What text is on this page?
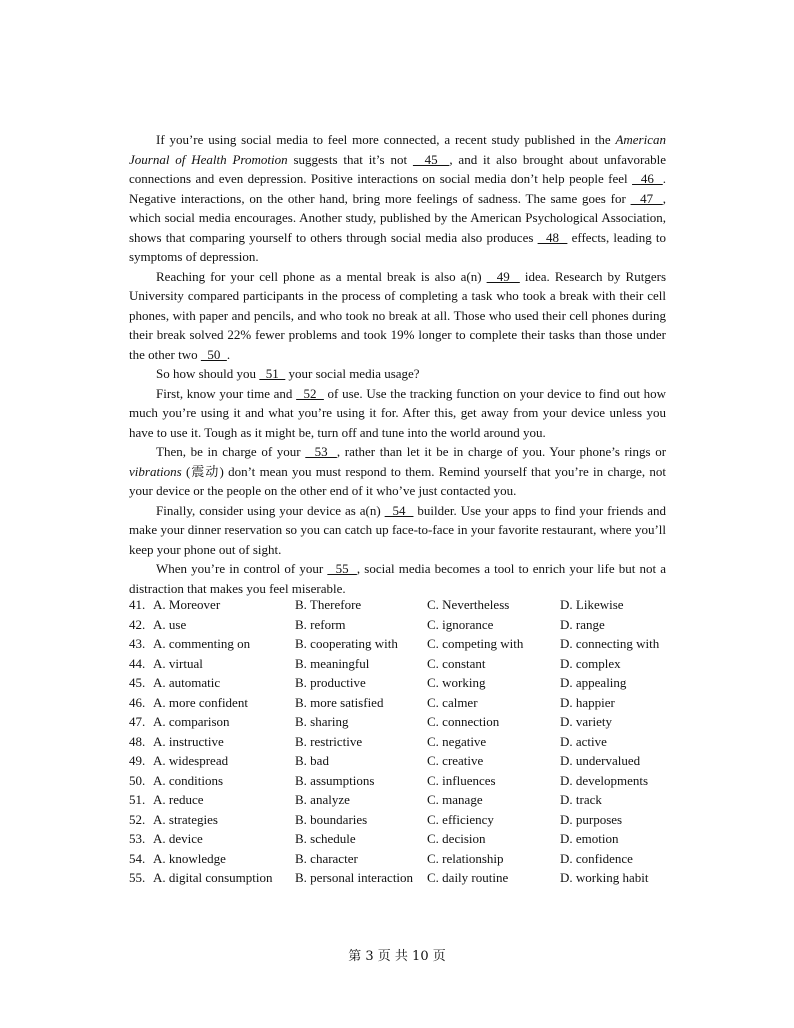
If you’re using social media to feel more connected, a recent study published in the American Journal of Health Promotion suggests that it’s not   45  , and it also brought about unfavorable connections and even depression. Positive interactions on social media don’t help people feel   46  . Negative interactions, on the other hand, bring more feelings of sadness. The same goes for   47  , which social media encourages. Another study, published by the American Psychological Association, shows that comparing yourself to others through social media also produces   48   effects, leading to symptoms of depression.

Reaching for your cell phone as a mental break is also a(n)   49   idea. Research by Rutgers University compared participants in the process of completing a task who took a break with their cell phones, with paper and pencils, and who took no break at all. Those who used their cell phones during their break solved 22% fewer problems and took 19% longer to complete their tasks than those under the other two   50  .

So how should you   51   your social media usage?

First, know your time and   52   of use. Use the tracking function on your device to find out how much you’re using it and what you’re using it for. After this, get away from your device unless you have to use it. Tough as it might be, turn off and tune into the world around you.

Then, be in charge of your   53  , rather than let it be in charge of you. Your phone’s rings or vibrations (震动) don’t mean you must respond to them. Remind yourself that you’re in charge, not your device or the people on the other end of it who’ve just contacted you.

Finally, consider using your device as a(n)   54   builder. Use your apps to find your friends and make your dinner reservation so you can catch up face-to-face in your favorite restaurant, where you’ll keep your phone out of sight.

When you’re in control of your   55  , social media becomes a tool to enrich your life but not a distraction that makes you feel miserable.

41. A. Moreover	B. Therefore	C. Nevertheless	D. Likewise
42. A. use	B. reform	C. ignorance	D. range
43. A. commenting on	B. cooperating with	C. competing with	D. connecting with
44. A. virtual	B. meaningful	C. constant	D. complex
45. A. automatic	B. productive	C. working	D. appealing
46. A. more confident	B. more satisfied	C. calmer	D. happier
47. A. comparison	B. sharing	C. connection	D. variety
48. A. instructive	B. restrictive	C. negative	D. active
49. A. widespread	B. bad	C. creative	D. undervalued
50. A. conditions	B. assumptions	C. influences	D. developments
51. A. reduce	B. analyze	C. manage	D. track
52. A. strategies	B. boundaries	C. efficiency	D. purposes
53. A. device	B. schedule	C. decision	D. emotion
54. A. knowledge	B. character	C. relationship	D. confidence
55. A. digital consumption	B. personal interaction	C. daily routine	D. working habit
第 3 页 共 10 页
